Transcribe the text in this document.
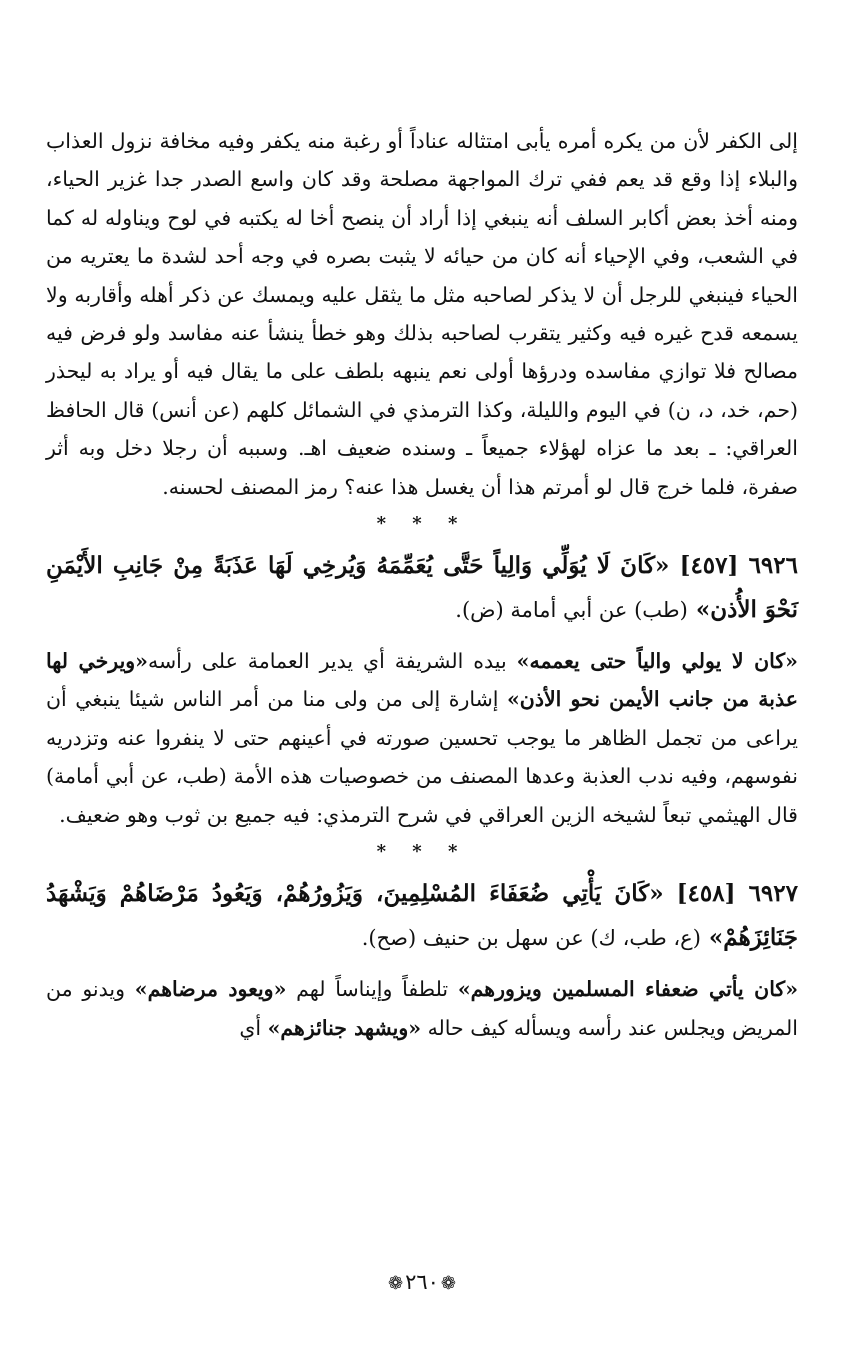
إلى الكفر لأن من يكره أمره يأبى امتثاله عناداً أو رغبة منه يكفر وفيه مخافة نزول العذاب والبلاء إذا وقع قد يعم ففي ترك المواجهة مصلحة وقد كان واسع الصدر جدا غزير الحياء، ومنه أخذ بعض أكابر السلف أنه ينبغي إذا أراد أن ينصح أخا له يكتبه في لوح ويناوله له كما في الشعب، وفي الإحياء أنه كان من حيائه لا يثبت بصره في وجه أحد لشدة ما يعتريه من الحياء فينبغي للرجل أن لا يذكر لصاحبه مثل ما يثقل عليه ويمسك عن ذكر أهله وأقاربه ولا يسمعه قدح غيره فيه وكثير يتقرب لصاحبه بذلك وهو خطأ ينشأ عنه مفاسد ولو فرض فيه مصالح فلا توازي مفاسده ودرؤها أولى نعم ينبهه بلطف على ما يقال فيه أو يراد به ليحذر (حم، خد، د، ن) في اليوم والليلة، وكذا الترمذي في الشمائل كلهم (عن أنس) قال الحافظ العراقي: ـ بعد ما عزاه لهؤلاء جميعاً ـ وسنده ضعيف اهـ. وسببه أن رجلا دخل وبه أثر صفرة، فلما خرج قال لو أمرتم هذا أن يغسل هذا عنه؟ رمز المصنف لحسنه.

* * *

٦٩٢٦ [٤٥٧] «كَانَ لَا يُوَلِّي وَالِياً حَتَّى يُعَمِّمَهُ وَيُرخِي لَهَا عَذَبَةً مِنْ جَانِبِ الأَيْمَنِ نَحْوَ الأُذن» (طب) عن أبي أمامة (ض).

«كان لا يولي والياً حتى يعممه» بيده الشريفة أي يدير العمامة على رأسه«ويرخي لها عذبة من جانب الأيمن نحو الأذن» إشارة إلى من ولى منا من أمر الناس شيئا ينبغي أن يراعى من تجمل الظاهر ما يوجب تحسين صورته في أعينهم حتى لا ينفروا عنه وتزدريه نفوسهم، وفيه ندب العذبة وعدها المصنف من خصوصيات هذه الأمة (طب، عن أبي أمامة) قال الهيثمي تبعاً لشيخه الزين العراقي في شرح الترمذي: فيه جميع بن ثوب وهو ضعيف.

* * *

٦٩٢٧ [٤٥٨] «كَانَ يَأْتِي ضُعَفَاءَ المُسْلِمِينَ، وَيَزُورُهُمْ، وَيَعُودُ مَرْضَاهُمْ وَيَشْهَدُ جَنَائِزَهُمْ» (ع، طب، ك) عن سهل بن حنيف (صح).

«كان يأتي ضعفاء المسلمين ويزورهم» تلطفاً وإيناساً لهم «ويعود مرضاهم» ويدنو من المريض ويجلس عند رأسه ويسأله كيف حاله «ويشهد جنائزهم» أي

❁٢٦٠❁
